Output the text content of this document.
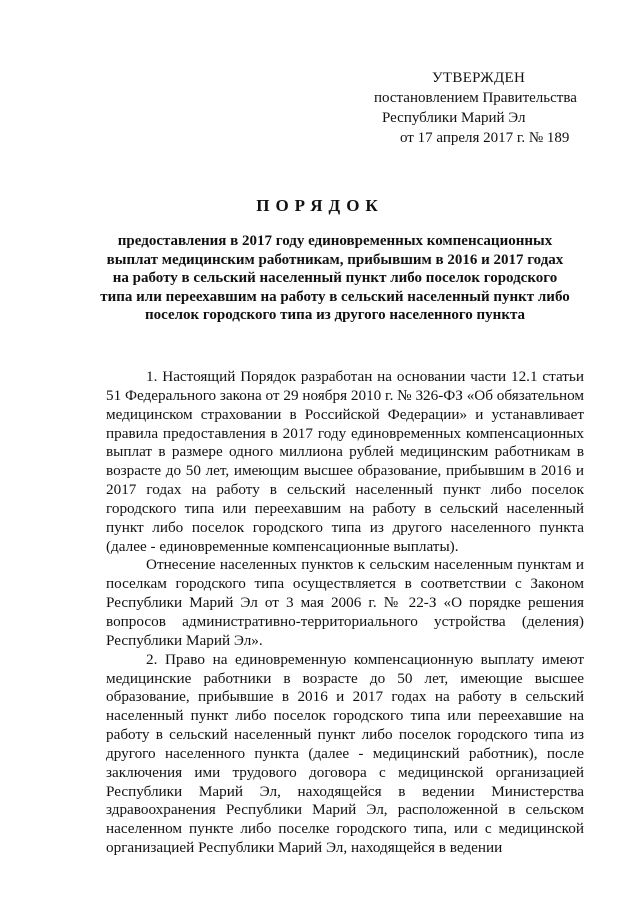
УТВЕРЖДЕН
постановлением Правительства
Республики Марий Эл
от 17 апреля 2017 г. № 189
ПОРЯДОК
предоставления в 2017 году единовременных компенсационных выплат медицинским работникам, прибывшим в 2016 и 2017 годах на работу в сельский населенный пункт либо поселок городского типа или переехавшим на работу в сельский населенный пункт либо поселок городского типа из другого населенного пункта

1. Настоящий Порядок разработан на основании части 12.1 статьи 51 Федерального закона от 29 ноября 2010 г. № 326-ФЗ «Об обязательном медицинском страховании в Российской Федерации» и устанавливает правила предоставления в 2017 году единовременных компенсационных выплат в размере одного миллиона рублей медицинским работникам в возрасте до 50 лет, имеющим высшее образование, прибывшим в 2016 и 2017 годах на работу в сельский населенный пункт либо поселок городского типа или переехавшим на работу в сельский населенный пункт либо поселок городского типа из другого населенного пункта (далее - единовременные компенсационные выплаты).

Отнесение населенных пунктов к сельским населенным пунктам и поселкам городского типа осуществляется в соответствии с Законом Республики Марий Эл от 3 мая 2006 г. № 22-З «О порядке решения вопросов административно-территориального устройства (деления) Республики Марий Эл».

2. Право на единовременную компенсационную выплату имеют медицинские работники в возрасте до 50 лет, имеющие высшее образование, прибывшие в 2016 и 2017 годах на работу в сельский населенный пункт либо поселок городского типа или переехавшие на работу в сельский населенный пункт либо поселок городского типа из другого населенного пункта (далее - медицинский работник), после заключения ими трудового договора с медицинской организацией Республики Марий Эл, находящейся в ведении Министерства здравоохранения Республики Марий Эл, расположенной в сельском населенном пункте либо поселке городского типа, или с медицинской организацией Республики Марий Эл, находящейся в ведении
